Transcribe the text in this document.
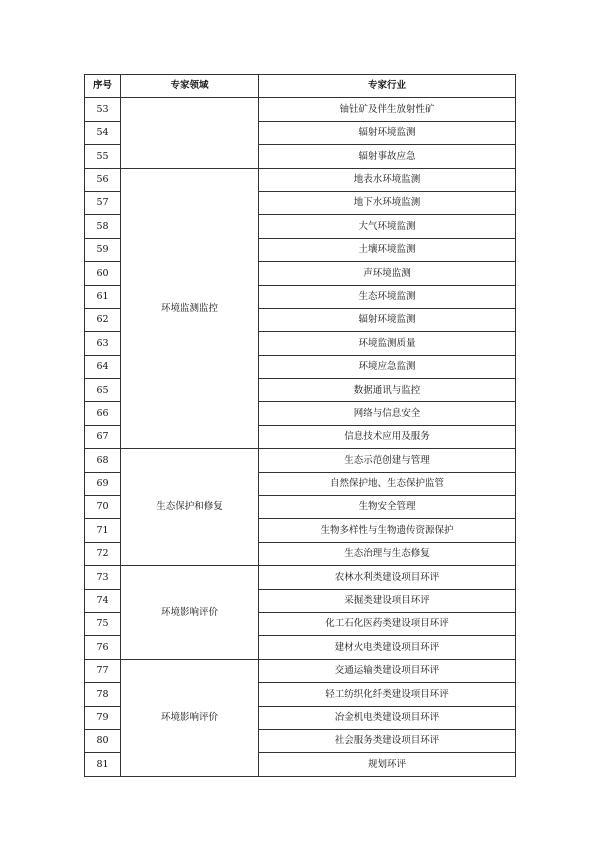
序号	专家领域	专家行业
53		铀钍矿及伴生放射性矿
54		辐射环境监测
55		辐射事故应急
56	环境监测监控	地表水环境监测
57		地下水环境监测
58		大气环境监测
59		土壤环境监测
60		声环境监测
61		生态环境监测
62		辐射环境监测
63		环境监测质量
64		环境应急监测
65		数据通讯与监控
66		网络与信息安全
67		信息技术应用及服务
68	生态保护和修复	生态示范创建与管理
69		自然保护地、生态保护监管
70		生物安全管理
71		生物多样性与生物遗传资源保护
72		生态治理与生态修复
73	环境影响评价	农林水利类建设项目环评
74		采掘类建设项目环评
75		化工石化医药类建设项目环评
76		建材火电类建设项目环评
77	环境影响评价	交通运输类建设项目环评
78		轻工纺织化纤类建设项目环评
79		冶金机电类建设项目环评
80		社会服务类建设项目环评
81		规划环评
